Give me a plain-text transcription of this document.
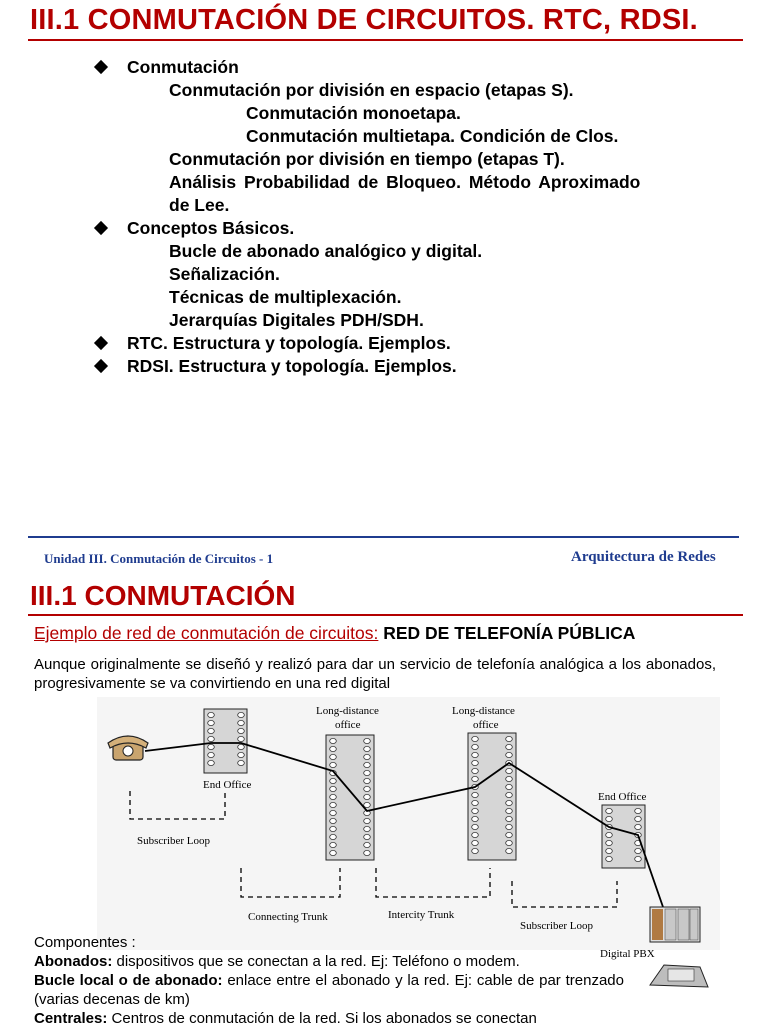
III.1 CONMUTACIÓN DE CIRCUITOS. RTC, RDSI.
Conmutación
Conmutación por división en espacio (etapas S).
Conmutación monoetapa.
Conmutación multietapa. Condición de Clos.
Conmutación por división en tiempo (etapas T).
Análisis Probabilidad de Bloqueo. Método Aproximado
de Lee.
Conceptos Básicos.
Bucle de abonado analógico y digital.
Señalización.
Técnicas de multiplexación.
Jerarquías Digitales PDH/SDH.
RTC. Estructura y topología. Ejemplos.
RDSI. Estructura y topología. Ejemplos.
Unidad III. Conmutación de Circuitos - 1	Arquitectura de Redes
III.1 CONMUTACIÓN
Ejemplo de red de conmutación de circuitos: RED DE TELEFONÍA PÚBLICA
Aunque originalmente se diseñó y realizó para dar un servicio de telefonía analógica a los abonados, progresivamente se va convirtiendo en una red digital
End Office
Long-distance
office
Long-distance
office
End Office
Digital PBX
Subscriber Loop
Connecting Trunk	Intercity Trunk
Subscriber Loop
Componentes :
Abonados: dispositivos que se conectan a la red. Ej: Teléfono o modem.
Bucle local o de abonado: enlace entre el abonado y la red. Ej: cable de par trenzado (varias decenas de km)
Centrales: Centros de conmutación de la red. Si los abonados se conectan
